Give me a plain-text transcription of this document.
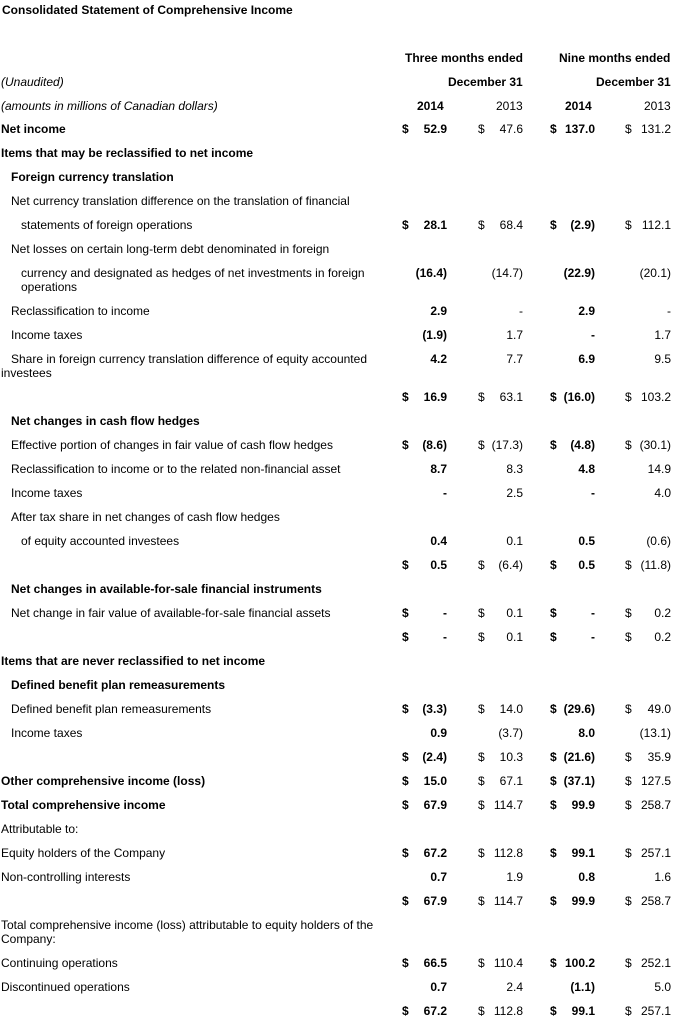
Consolidated Statement of Comprehensive Income
Three months ended
December 31
Nine months ended
December 31
(Unaudited)
(amounts in millions of Canadian dollars)	2014	2013	2014	2013
Net income	$ 52.9	$ 47.6 $ 137.0	$ 131.2
Items that may be reclassified to net income
Foreign currency translation
Net currency translation difference on the translation of financial
statements of foreign operations	$ 28.1	$ 68.4 $ (2.9)	$ 112.1
Net losses on certain long-term debt denominated in foreign
currency and designated as hedges of net investments in foreign operations
(16.4)	(14.7)	(22.9)	(20.1)
Reclassification to income	2.9	-	2.9	-
Income taxes	(1.9)	1.7	-	1.7
Share in foreign currency translation difference of equity accounted investees
4.2	7.7	6.9	9.5
$ 16.9	$ 63.1 $ (16.0)	$ 103.2
Net changes in cash flow hedges
Effective portion of changes in fair value of cash flow hedges	$ (8.6)	$ (17.3) $ (4.8)	$ (30.1)
Reclassification to income or to the related non-financial asset	8.7	8.3	4.8	14.9
Income taxes	-	2.5	-	4.0
After tax share in net changes of cash flow hedges
of equity accounted investees	0.4	0.1	0.5	(0.6)
$ 0.5	$ (6.4) $ 0.5	$ (11.8)
Net changes in available-for-sale financial instruments
Net change in fair value of available-for-sale financial assets	$	-	$ 0.1 $	-	$ 0.2
$	-	$ 0.1 $	-	$ 0.2
Items that are never reclassified to net income
Defined benefit plan remeasurements
Defined benefit plan remeasurements	$ (3.3)	$ 14.0 $ (29.6)	$ 49.0
Income taxes	0.9	(3.7)	8.0	(13.1)
$ (2.4)	$ 10.3 $ (21.6)	$ 35.9
Other comprehensive income (loss)	$ 15.0	$ 67.1 $ (37.1)	$ 127.5
Total comprehensive income	$ 67.9	$ 114.7 $ 99.9	$ 258.7
Attributable to:
Equity holders of the Company	$ 67.2	$ 112.8 $ 99.1	$ 257.1
Non-controlling interests	0.7	1.9	0.8	1.6
$ 67.9	$ 114.7 $ 99.9	$ 258.7
Total comprehensive income (loss) attributable to equity holders of the Company:
Continuing operations	$ 66.5	$ 110.4 $ 100.2	$ 252.1
Discontinued operations	0.7	2.4	(1.1)	5.0
$ 67.2	$ 112.8 $ 99.1	$ 257.1
